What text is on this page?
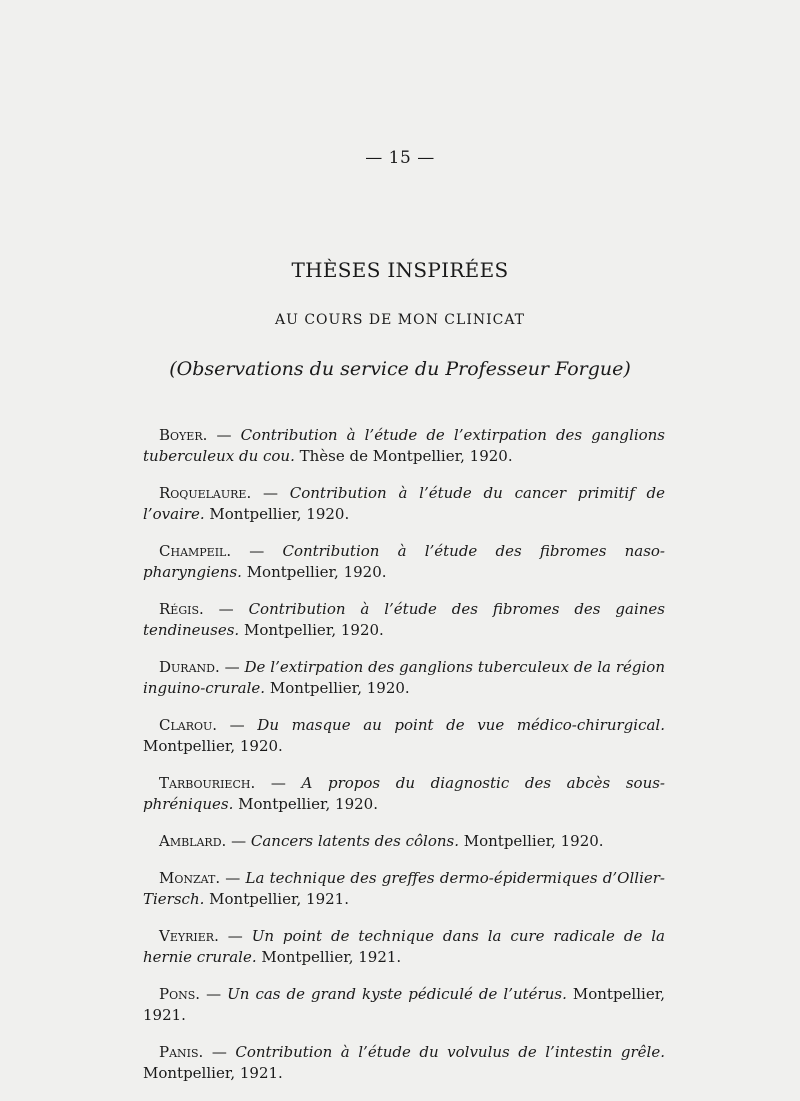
— 15 —
THÈSES INSPIRÉES
AU COURS DE MON CLINICAT
(Observations du service du Professeur Forgue)

Boyer. — Contribution à l’étude de l’extirpation des ganglions tuberculeux du cou. Thèse de Montpellier, 1920.

Roquelaure. — Contribution à l’étude du cancer primitif de l’ovaire. Montpellier, 1920.

Champeil. — Contribution à l’étude des fibromes naso-pharyngiens. Montpellier, 1920.

Régis. — Contribution à l’étude des fibromes des gaines tendineuses. Montpellier, 1920.

Durand. — De l’extirpation des ganglions tuberculeux de la région inguino-crurale. Montpellier, 1920.

Clarou. — Du masque au point de vue médico-chirurgical. Montpellier, 1920.

Tarbouriech. — A propos du diagnostic des abcès sous-phréniques. Montpellier, 1920.

Amblard. — Cancers latents des côlons. Montpellier, 1920.

Monzat. — La technique des greffes dermo-épidermiques d’Ollier-Tiersch. Montpellier, 1921.

Veyrier. — Un point de technique dans la cure radicale de la hernie crurale. Montpellier, 1921.

Pons. — Un cas de grand kyste pédiculé de l’utérus. Montpellier, 1921.

Panis. — Contribution à l’étude du volvulus de l’intestin grêle. Montpellier, 1921.
